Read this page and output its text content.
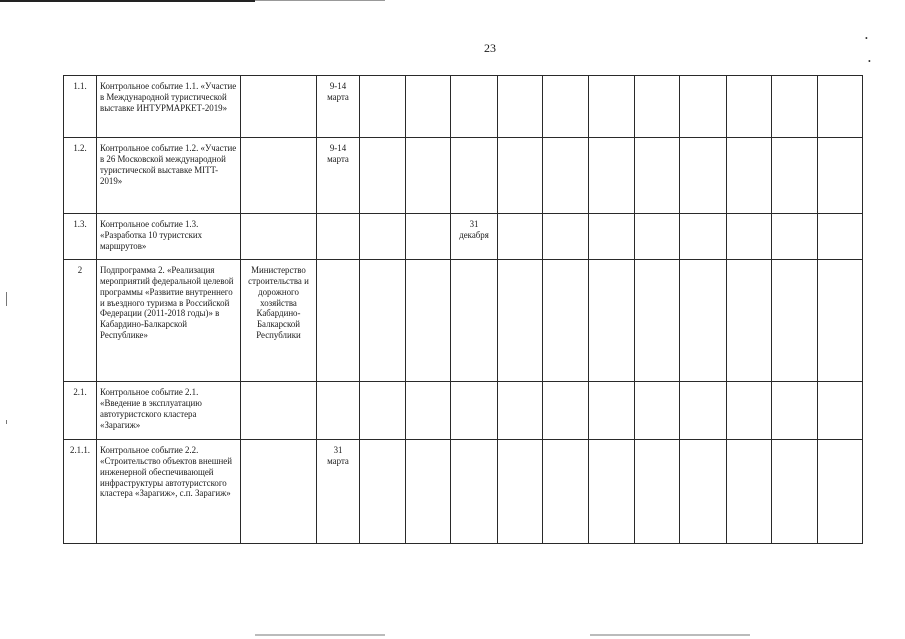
•
•
23
1.1.	Контрольное событие 1.1. «Участие в Международной туристической выставке ИНТУРМАРКЕТ-2019»		9-14
марта											
1.2.	Контрольное событие 1.2. «Участие в 26 Московской международной туристической выставке MITT-2019»		9-14
марта											
1.3.	Контрольное событие 1.3. «Разработка 10 туристских маршрутов»					31
декабря								
2	Подпрограмма 2. «Реализация мероприятий федеральной целевой программы «Развитие внутреннего и въездного туризма в Российской Федерации (2011-2018 годы)» в Кабардино-Балкарской Республике»	Министерство строительства и дорожного хозяйства Кабардино-Балкарской Республики												
2.1.	Контрольное событие 2.1. «Введение в эксплуатацию автотуристского кластера «Зарагиж»													
2.1.1.	Контрольное событие 2.2. «Строительство объектов внешней инженерной обеспечивающей инфраструктуры автотуристского кластера «Зарагиж», с.п. Зарагиж»		31
марта											
